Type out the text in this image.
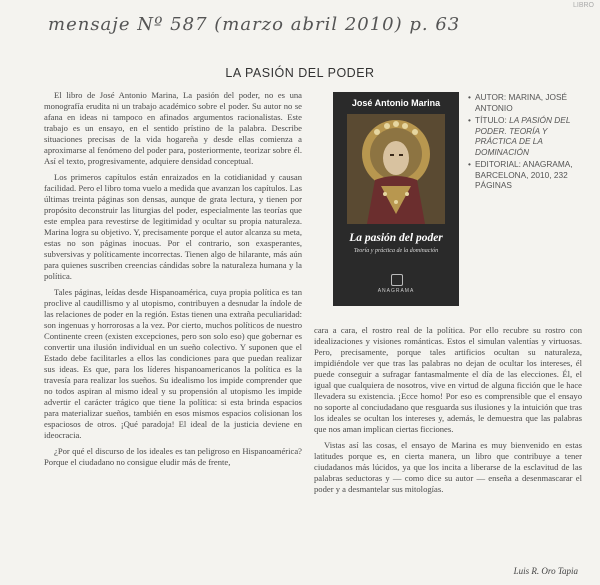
LIBRO
mensaje Nº 587 (marzo abril 2010) p. 63
LA PASIÓN DEL PODER

El libro de José Antonio Marina, La pasión del poder, no es una monografía erudita ni un trabajo académico sobre el poder. Su autor no se afana en ideas ni tampoco en afinados argumentos racionalistas. Este trabajo es un ensayo, en el sentido prístino de la palabra. Describe situaciones precisas de la vida hogareña y desde ellas comienza a aproximarse al fenómeno del poder para, posteriormente, teorizar sobre él. Así el texto, progresivamente, adquiere densidad conceptual.

Los primeros capítulos están enraizados en la cotidianidad y causan facilidad. Pero el libro toma vuelo a medida que avanzan los capítulos. Las últimas treinta páginas son densas, aunque de grata lectura, y tienen por propósito deconstruir las liturgias del poder, especialmente las teorías que este emplea para revestirse de legitimidad y ocultar su propia naturaleza. Marina logra su objetivo. Y, precisamente porque el autor alcanza su meta, estas no son páginas inocuas. Por el contrario, son exasperantes, subversivas y políticamente incorrectas. Tienen algo de hilarante, más aún para quienes suscriben creencias cándidas sobre la naturaleza humana y la política.

Tales páginas, leídas desde Hispanoamérica, cuya propia política es tan proclive al caudillismo y al utopismo, contribuyen a desnudar la índole de las relaciones de poder en la región. Estas tienen una extraña peculiaridad: son ingenuas y horrorosas a la vez. Por cierto, muchos políticos de nuestro Continente creen (existen excepciones, pero son solo eso) que gobernar es convertir una ilusión individual en un sueño colectivo. Y suponen que el Estado debe facilitarles a ellos las condiciones para que puedan realizar sus ideas. Es que, para los líderes hispanoamericanos la política es la travesía para realizar los sueños. Su idealismo los impide comprender que no todos aspiran al mismo ideal y su propensión al utopismo les impide advertir el carácter trágico que tiene la política: si esta brinda espacios para materializar sueños, también en esos mismos espacios colisionan los espaciosos de otros. ¡Qué paradoja! El ideal de la justicia deviene en ideocracia.

¿Por qué el discurso de los ideales es tan peligroso en Hispanoamérica? Porque el ciudadano no consigue eludir más de frente,

José Antonio Marina
La pasión del poder
Teoría y práctica de la dominación
ANAGRAMA
• AUTOR: MARINA, JOSÉ ANTONIO
• TÍTULO: LA PASIÓN DEL PODER. TEORÍA Y PRÁCTICA DE LA DOMINACIÓN
• EDITORIAL: ANAGRAMA, BARCELONA, 2010, 232 PÁGINAS

cara a cara, el rostro real de la política. Por ello recubre su rostro con idealizaciones y visiones románticas. Estos el simulan valentías y virtuosas. Pero, precisamente, porque tales artificios ocultan su naturaleza, impidiéndole ver que tras las palabras no dejan de ocultar los intereses, él puede conseguir a sufragar fantasmalmente el día de las elecciones. Él, el igual que cualquiera de nosotros, vive en virtud de alguna ficción que le hace llevadera su existencia. ¡Ecce homo! Por eso es comprensible que el ensayo no soporte al conciudadano que resguarda sus ilusiones y la intuición que tras los ideales se ocultan los intereses y, además, le demuestra que las palabras que nos aman implican ciertas ficciones.

Vistas así las cosas, el ensayo de Marina es muy bienvenido en estas latitudes porque es, en cierta manera, un libro que contribuye a tener ciudadanos más lúcidos, ya que los incita a liberarse de la esclavitud de las palabras seductoras y — como dice su autor — enseña a desenmascarar el poder y a desmantelar sus mitologías.

Luis R. Oro Tapia
